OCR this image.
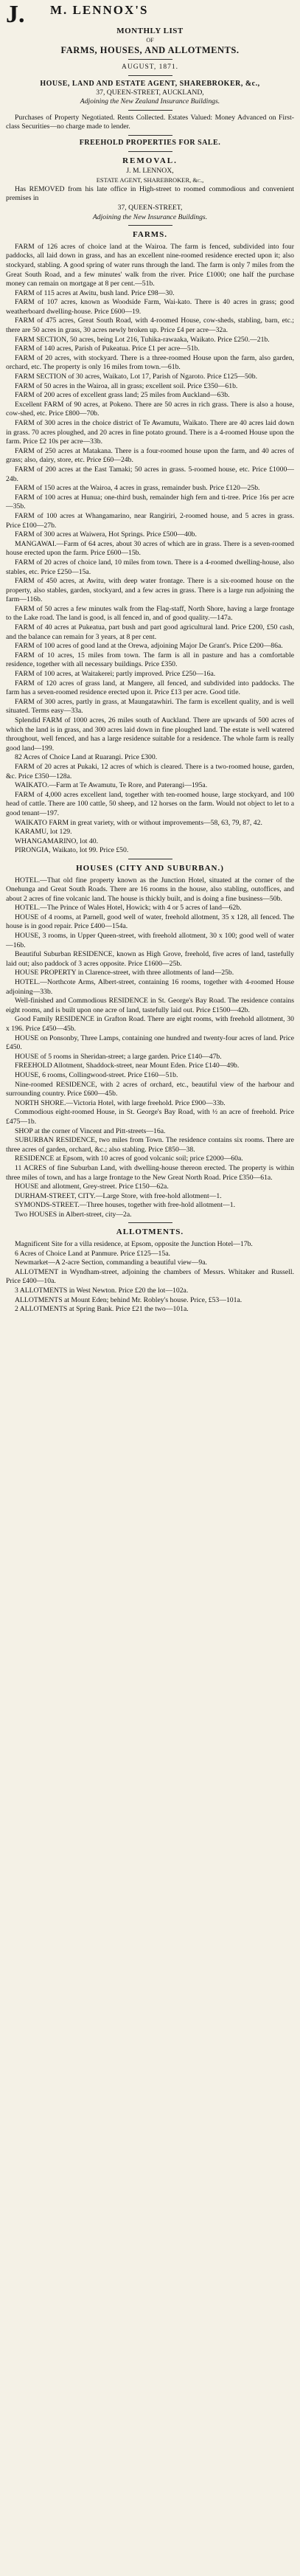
J.	M. LENNOX'S
MONTHLY LIST
OF
FARMS, HOUSES, AND ALLOTMENTS.
AUGUST, 1871.
HOUSE, LAND AND ESTATE AGENT, SHAREBROKER, &c.,
37, QUEEN-STREET, AUCKLAND,
Adjoining the New Zealand Insurance Buildings.

Purchases of Property Negotiated. Rents Collected. Estates Valued: Money Advanced on First-class Securities—no charge made to lender.

FREEHOLD PROPERTIES FOR SALE.
REMOVAL.
J. M. LENNOX,
ESTATE AGENT, SHAREBROKER, &c.,

Has REMOVED from his late office in High-street to roomed commodious and convenient premises in

37, QUEEN-STREET,
Adjoining the New Insurance Buildings.
FARMS.

FARM of 126 acres of choice land at the Wairoa. The farm is fenced, subdivided into four paddocks, all laid down in grass, and has an excellent nine-roomed residence erected upon it; also stockyard, stabling. A good spring of water runs through the land. The farm is only 7 miles from the Great South Road, and a few minutes' walk from the river. Price £1000; one half the purchase money can remain on mortgage at 8 per cent.—51b.

FARM of 115 acres at Awitu, bush land. Price £98—30.

FARM of 107 acres, known as Woodside Farm, Wai-kato. There is 40 acres in grass; good weatherboard dwelling-house. Price £600—19.

FARM of 475 acres, Great South Road, with 4-roomed House, cow-sheds, stabling, barn, etc.; there are 50 acres in grass, 30 acres newly broken up. Price £4 per acre—32a.

FARM SECTION, 50 acres, being Lot 216, Tuhika-rawaaka, Waikato. Price £250.—21b.

FARM of 140 acres, Parish of Pukeatua. Price £1 per acre—51b.

FARM of 20 acres, with stockyard. There is a three-roomed House upon the farm, also garden, orchard, etc. The property is only 16 miles from town.—61b.

FARM SECTION of 30 acres, Waikato, Lot 17, Parish of Ngaroto. Price £125—50b.

FARM of 50 acres in the Wairoa, all in grass; excellent soil. Price £350—61b.

FARM of 200 acres of excellent grass land; 25 miles from Auckland—63b.

Excellent FARM of 90 acres, at Pokeno. There are 50 acres in rich grass. There is also a house, cow-shed, etc. Price £800—70b.

FARM of 300 acres in the choice district of Te Awamutu, Waikato. There are 40 acres laid down in grass. 70 acres ploughed, and 20 acres in fine potato ground. There is a 4-roomed House upon the farm. Price £2 10s per acre—33b.

FARM of 250 acres at Matakana. There is a four-roomed house upon the farm, and 40 acres of grass; also, dairy, store, etc. Price £60—24b.

FARM of 200 acres at the East Tamaki; 50 acres in grass. 5-roomed house, etc. Price £1000—24b.

FARM of 150 acres at the Wairoa, 4 acres in grass, remainder bush. Price £120—25b.

FARM of 100 acres at Hunua; one-third bush, remainder high fern and ti-tree. Price 16s per acre—35b.

FARM of 100 acres at Whangamarino, near Rangiriri, 2-roomed house, and 5 acres in grass. Price £100—27b.

FARM of 300 acres at Waiwera, Hot Springs. Price £500—40b.

MANGAWAI.—Farm of 64 acres, about 30 acres of which are in grass. There is a seven-roomed house erected upon the farm. Price £600—15b.

FARM of 20 acres of choice land, 10 miles from town. There is a 4-roomed dwelling-house, also stables, etc. Price £250—15a.

FARM of 450 acres, at Awitu, with deep water frontage. There is a six-roomed house on the property, also stables, garden, stockyard, and a few acres in grass. There is a large run adjoining the farm—116b.

FARM of 50 acres a few minutes walk from the Flag-staff, North Shore, having a large frontage to the Lake road. The land is good, is all fenced in, and of good quality.—147a.

FARM of 40 acres at Pukeatua, part bush and part good agricultural land. Price £200, £50 cash, and the balance can remain for 3 years, at 8 per cent.

FARM of 100 acres of good land at the Orewa, adjoining Major De Grant's. Price £200—86a.

FARM of 10 acres, 15 miles from town. The farm is all in pasture and has a comfortable residence, together with all necessary buildings. Price £350.

FARM of 100 acres, at Waitakerei; partly improved. Price £250—16a.

FARM of 120 acres of grass land, at Mangere, all fenced, and subdivided into paddocks. The farm has a seven-roomed residence erected upon it. Price £13 per acre. Good title.

FARM of 300 acres, partly in grass, at Maungatawhiri. The farm is excellent quality, and is well situated. Terms easy—33a.

Splendid FARM of 1000 acres, 26 miles south of Auckland. There are upwards of 500 acres of which the land is in grass, and 300 acres laid down in fine ploughed land. The estate is well watered throughout, well fenced, and has a large residence suitable for a residence. The whole farm is really good land—199.

82 Acres of Choice Land at Ruarangi. Price £300.

FARM of 20 acres at Pukaki, 12 acres of which is cleared. There is a two-roomed house, garden, &c. Price £350—128a.

WAIKATO.—Farm at Te Awamutu, Te Rore, and Paterangi—195a.

FARM of 4,000 acres excellent land, together with ten-roomed house, large stockyard, and 100 head of cattle. There are 100 cattle, 50 sheep, and 12 horses on the farm. Would not object to let to a good tenant—197.

WAIKATO FARM in great variety, with or without improvements—58, 63, 79, 87, 42.

KARAMU, lot 129.

WHANGAMARINO, lot 40.

PIRONGIA, Waikato, lot 99. Price £50.

HOUSES (CITY AND SUBURBAN.)

HOTEL.—That old fine property known as the Junction Hotel, situated at the corner of the Onehunga and Great South Roads. There are 16 rooms in the house, also stabling, outoffices, and about 2 acres of fine volcanic land. The house is thickly built, and is doing a fine business—50b.

HOTEL.—The Prince of Wales Hotel, Howick; with 4 or 5 acres of land—62b.

HOUSE of 4 rooms, at Parnell, good well of water, freehold allotment, 35 x 128, all fenced. The house is in good repair. Price £400—154a.

HOUSE, 3 rooms, in Upper Queen-street, with freehold allotment, 30 x 100; good well of water—16b.

Beautiful Suburban RESIDENCE, known as High Grove, freehold, five acres of land, tastefully laid out; also paddock of 3 acres opposite. Price £1600—25b.

HOUSE PROPERTY in Clarence-street, with three allotments of land—25b.

HOTEL.—Northcote Arms, Albert-street, containing 16 rooms, together with 4-roomed House adjoining—33b.

Well-finished and Commodious RESIDENCE in St. George's Bay Road. The residence contains eight rooms, and is built upon one acre of land, tastefully laid out. Price £1500—42b.

Good Family RESIDENCE in Grafton Road. There are eight rooms, with freehold allotment, 30 x 196. Price £450—45b.

HOUSE on Ponsonby, Three Lamps, containing one hundred and twenty-four acres of land. Price £450.

HOUSE of 5 rooms in Sheridan-street; a large garden. Price £140—47b.

FREEHOLD Allotment, Shaddock-street, near Mount Eden. Price £140—49b.

HOUSE, 6 rooms, Collingwood-street. Price £160—51b.

Nine-roomed RESIDENCE, with 2 acres of orchard, etc., beautiful view of the harbour and surrounding country. Price £600—45b.

NORTH SHORE.—Victoria Hotel, with large freehold. Price £900—33b.

Commodious eight-roomed House, in St. George's Bay Road, with ½ an acre of freehold. Price £475—1b.

SHOP at the corner of Vincent and Pitt-streets—16a.

SUBURBAN RESIDENCE, two miles from Town. The residence contains six rooms. There are three acres of garden, orchard, &c.; also stabling. Price £850—38.

RESIDENCE at Epsom, with 10 acres of good volcanic soil; price £2000—60a.

11 ACRES of fine Suburban Land, with dwelling-house thereon erected. The property is within three miles of town, and has a large frontage to the New Great North Road. Price £350—61a.

HOUSE and allotment, Grey-street. Price £150—62a.

DURHAM-STREET, CITY.—Large Store, with free-hold allotment—1.

SYMONDS-STREET.—Three houses, together with free-hold allotment—1.

Two HOUSES in Albert-street, city—2a.

ALLOTMENTS.

Magnificent Site for a villa residence, at Epsom, opposite the Junction Hotel—17b.

6 Acres of Choice Land at Panmure. Price £125—15a.

Newmarket—A 2-acre Section, commanding a beautiful view—9a.

ALLOTMENT in Wyndham-street, adjoining the chambers of Messrs. Whitaker and Russell. Price £400—10a.

3 ALLOTMENTS in West Newton. Price £20 the lot—102a.

ALLOTMENTS at Mount Eden; behind Mr. Robley's house. Price, £53—101a.

2 ALLOTMENTS at Spring Bank. Price £21 the two—101a.
